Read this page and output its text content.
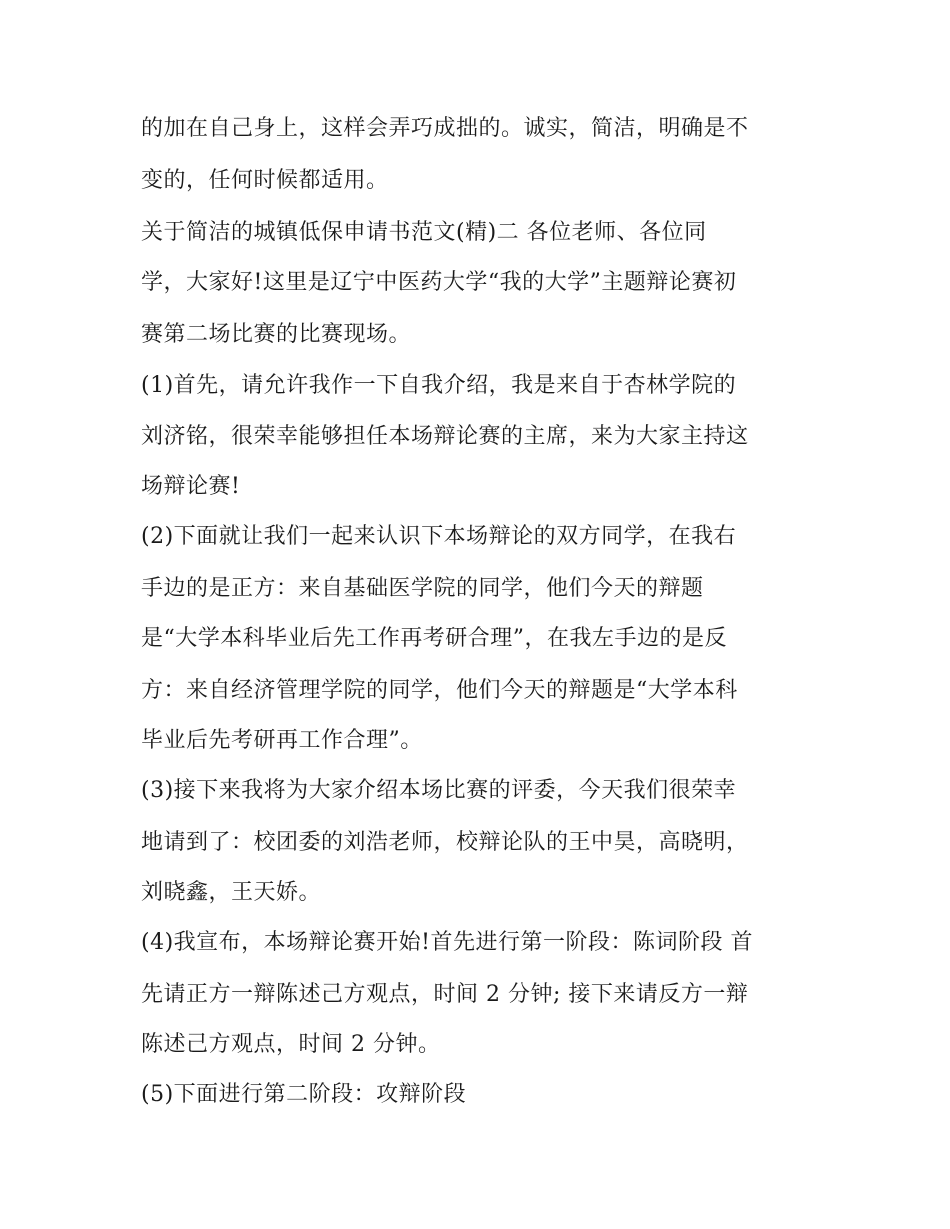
的加在自己身上，这样会弄巧成拙的。诚实，简洁，明确是不
变的，任何时候都适用。
关于简洁的城镇低保申请书范文(精)二 各位老师、各位同
学，大家好!这里是辽宁中医药大学“我的大学”主题辩论赛初
赛第二场比赛的比赛现场。
(1)首先，请允许我作一下自我介绍，我是来自于杏林学院的
刘济铭，很荣幸能够担任本场辩论赛的主席，来为大家主持这
场辩论赛!
(2)下面就让我们一起来认识下本场辩论的双方同学，在我右
手边的是正方：来自基础医学院的同学，他们今天的辩题
是“大学本科毕业后先工作再考研合理”，在我左手边的是反
方：来自经济管理学院的同学，他们今天的辩题是“大学本科
毕业后先考研再工作合理”。
(3)接下来我将为大家介绍本场比赛的评委，今天我们很荣幸
地请到了：校团委的刘浩老师，校辩论队的王中昊，高晓明，
刘晓鑫，王天娇。
(4)我宣布，本场辩论赛开始!首先进行第一阶段：陈词阶段 首
先请正方一辩陈述己方观点，时间 2 分钟; 接下来请反方一辩
陈述己方观点，时间 2 分钟。
(5)下面进行第二阶段：攻辩阶段
